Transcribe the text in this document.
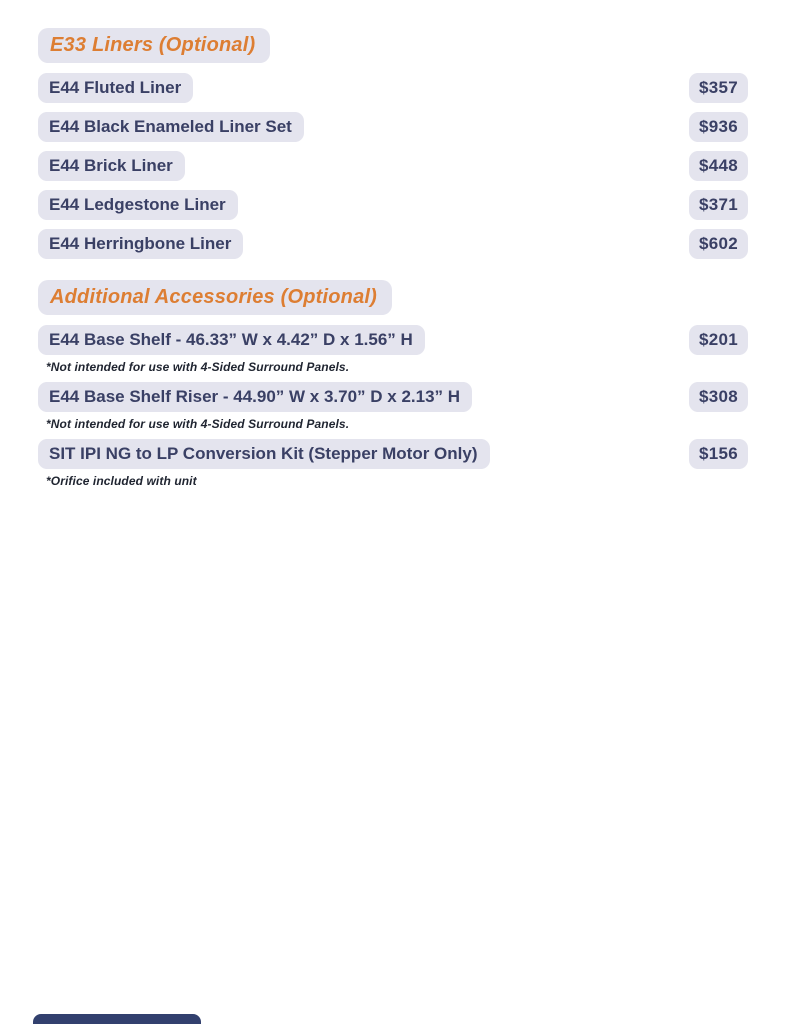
E33 Liners (Optional)
E44 Fluted Liner	$357
E44 Black Enameled Liner Set	$936
E44 Brick Liner	$448
E44 Ledgestone Liner	$371
E44 Herringbone Liner	$602
Additional Accessories (Optional)
E44 Base Shelf - 46.33” W x 4.42” D x 1.56” H	$201
*Not intended for use with 4-Sided Surround Panels.
E44 Base Shelf Riser - 44.90” W x 3.70” D x 2.13” H	$308
*Not intended for use with 4-Sided Surround Panels.
SIT IPI NG to LP Conversion Kit (Stepper Motor Only)	$156
*Orifice included with unit
